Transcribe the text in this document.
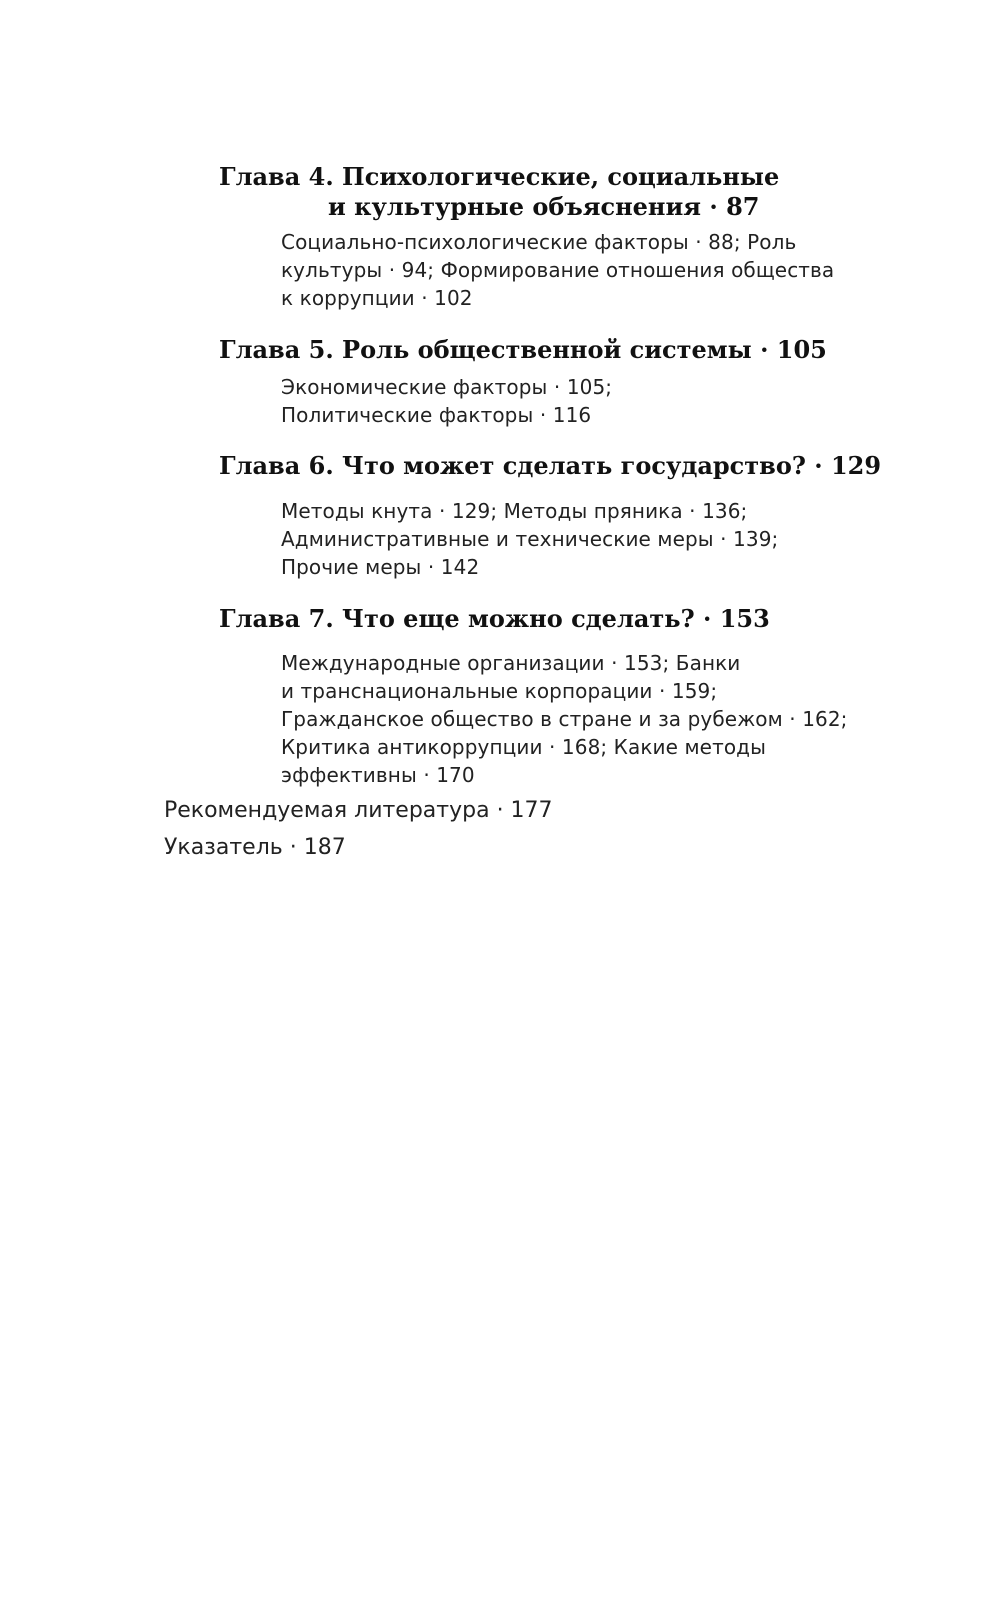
Глава 4. Психологические, социальные
и культурные объяснения · 87
Социально-психологические факторы · 88; Роль
культуры · 94; Формирование отношения общества
к коррупции · 102
Глава 5. Роль общественной системы · 105
Экономические факторы · 105;
Политические факторы · 116
Глава 6. Что может сделать государство? · 129
Методы кнута · 129; Методы пряника · 136;
Административные и технические меры · 139;
Прочие меры · 142
Глава 7. Что еще можно сделать? · 153
Международные организации · 153; Банки
и транснациональные корпорации · 159;
Гражданское общество в стране и за рубежом · 162;
Критика антикоррупции · 168; Какие методы
эффективны · 170
Рекомендуемая литература · 177
Указатель · 187
